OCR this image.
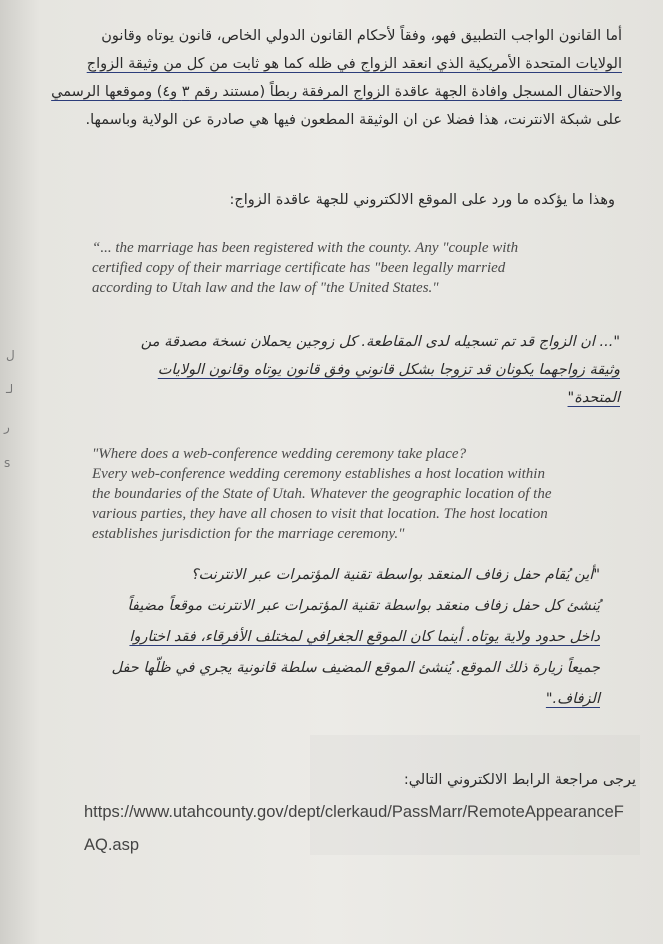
أما القانون الواجب التطبيق فهو، وفقاً لأحكام القانون الدولي الخاص، قانون يوتاه وقانون
الولايات المتحدة الأمريكية الذي انعقد الزواج في ظله كما هو ثابت من كل من وثيقة الزواج
والاحتفال المسجل وافادة الجهة عاقدة الزواج المرفقة ربطاً (مستند رقم ٣ و٤) وموقعها الرسمي
على شبكة الانترنت، هذا فضلا عن ان الوثيقة المطعون فيها هي صادرة عن الولاية وباسمها.
وهذا ما يؤكده ما ورد على الموقع الالكتروني للجهة عاقدة الزواج:
“... the marriage has been registered with the county. Any "couple with
certified copy of their marriage certificate has "been legally married
according to Utah law and the law of "the United States."
"... ان الزواج قد تم تسجيله لدى المقاطعة. كل زوجين يحملان نسخة مصدقة من
وثيقة زواجهما يكونان قد تزوجا بشكل قانوني وفق قانون يوتاه وقانون الولايات
المتحدة"
"Where does a web-conference wedding ceremony take place?
Every web-conference wedding ceremony establishes a host location within
the boundaries of the State of Utah. Whatever the geographic location of the
various parties, they have all chosen to visit that location. The host location
establishes jurisdiction for the marriage ceremony."
"أين يُقام حفل زفاف المنعقد بواسطة تقنية المؤتمرات عبر الانترنت؟
يُنشئ كل حفل زفاف منعقد بواسطة تقنية المؤتمرات عبر الانترنت موقعاً مضيفاً
داخل حدود ولاية يوتاه. أينما كان الموقع الجغرافي لمختلف الأفرقاء، فقد اختاروا
جميعاً زيارة ذلك الموقع. يُنشئ الموقع المضيف سلطة قانونية يجري في ظلّها حفل
الزفاف."
يرجى مراجعة الرابط الالكتروني التالي:
https://www.utahcounty.gov/dept/clerkaud/PassMarr/RemoteAppearanceF
AQ.asp
ل
لـ
ر
s
